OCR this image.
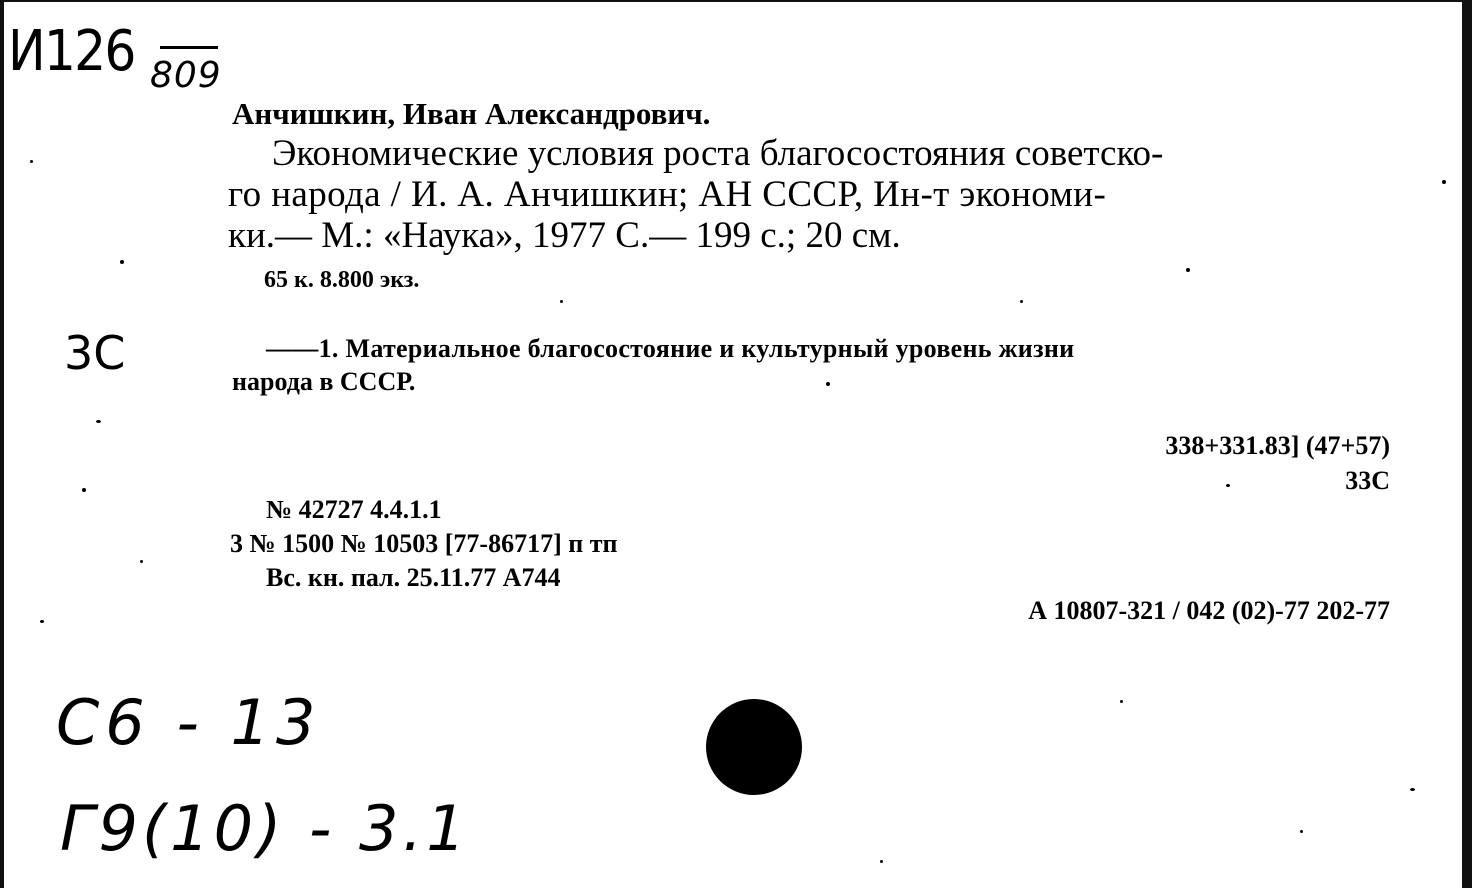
И126 809
Анчишкин, Иван Александрович.
Экономические условия роста благосостояния советско-
го народа / И. А. Анчишкин; АН СССР, Ин-т экономи-
ки.— М.: «Наука», 1977 С.— 199 с.; 20 см.
65 к. 8.800 экз.
3С	——1. Материальное благосостояние и культурный уровень жизни
народа в СССР.
338+331.83] (47+57)
33С
№ 42727 4.4.1.1
3 № 1500 № 10503 [77-86717] п тп
Вс. кн. пал. 25.11.77 А744
А 10807-321 / 042 (02)-77 202-77
С6 - 13
Г9(10) - 3.1
